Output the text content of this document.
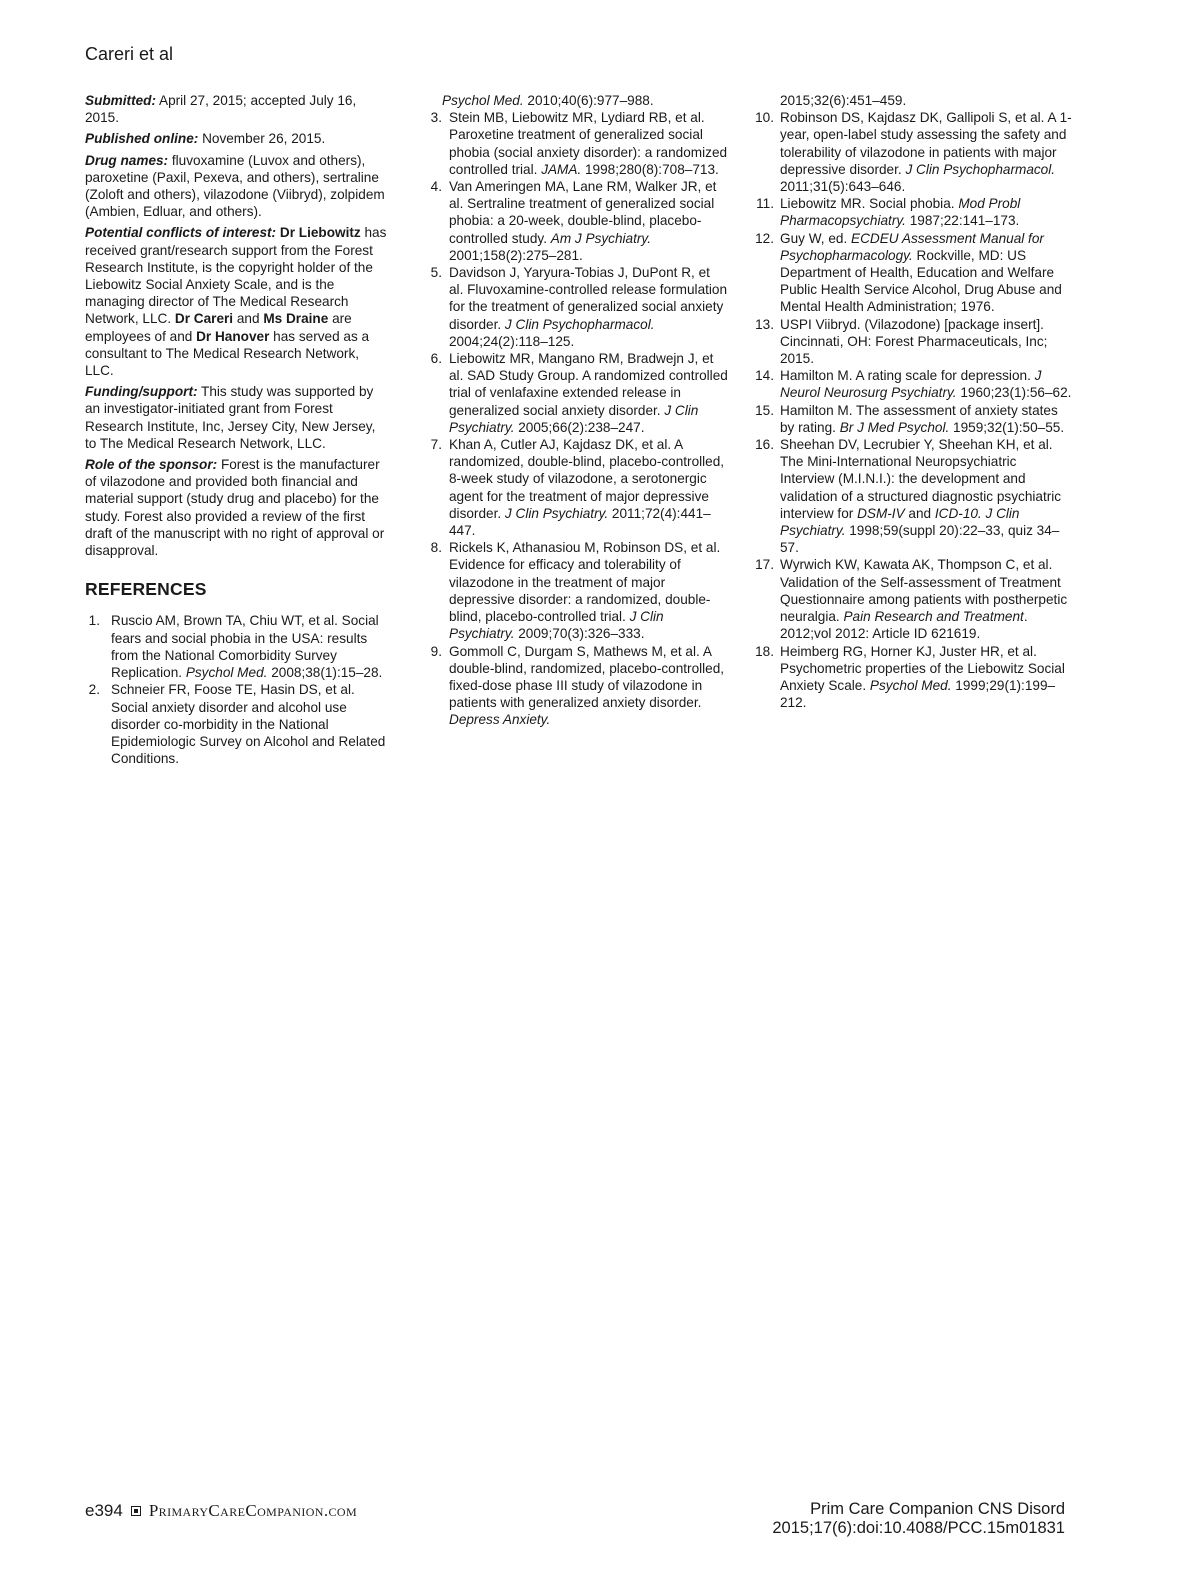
Careri et al

Submitted: April 27, 2015; accepted July 16, 2015.

Published online: November 26, 2015.

Drug names: fluvoxamine (Luvox and others), paroxetine (Paxil, Pexeva, and others), sertraline (Zoloft and others), vilazodone (Viibryd), zolpidem (Ambien, Edluar, and others).

Potential conflicts of interest: Dr Liebowitz has received grant/research support from the Forest Research Institute, is the copyright holder of the Liebowitz Social Anxiety Scale, and is the managing director of The Medical Research Network, LLC. Dr Careri and Ms Draine are employees of and Dr Hanover has served as a consultant to The Medical Research Network, LLC.

Funding/support: This study was supported by an investigator-initiated grant from Forest Research Institute, Inc, Jersey City, New Jersey, to The Medical Research Network, LLC.

Role of the sponsor: Forest is the manufacturer of vilazodone and provided both financial and material support (study drug and placebo) for the study. Forest also provided a review of the first draft of the manuscript with no right of approval or disapproval.

REFERENCES
1. Ruscio AM, Brown TA, Chiu WT, et al. Social fears and social phobia in the USA: results from the National Comorbidity Survey Replication. Psychol Med. 2008;38(1):15–28.
2. Schneier FR, Foose TE, Hasin DS, et al. Social anxiety disorder and alcohol use disorder co-morbidity in the National Epidemiologic Survey on Alcohol and Related Conditions.
Psychol Med. 2010;40(6):977–988.
3. Stein MB, Liebowitz MR, Lydiard RB, et al. Paroxetine treatment of generalized social phobia (social anxiety disorder): a randomized controlled trial. JAMA. 1998;280(8):708–713.
4. Van Ameringen MA, Lane RM, Walker JR, et al. Sertraline treatment of generalized social phobia: a 20-week, double-blind, placebo-controlled study. Am J Psychiatry. 2001;158(2):275–281.
5. Davidson J, Yaryura-Tobias J, DuPont R, et al. Fluvoxamine-controlled release formulation for the treatment of generalized social anxiety disorder. J Clin Psychopharmacol. 2004;24(2):118–125.
6. Liebowitz MR, Mangano RM, Bradwejn J, et al. SAD Study Group. A randomized controlled trial of venlafaxine extended release in generalized social anxiety disorder. J Clin Psychiatry. 2005;66(2):238–247.
7. Khan A, Cutler AJ, Kajdasz DK, et al. A randomized, double-blind, placebo-controlled, 8-week study of vilazodone, a serotonergic agent for the treatment of major depressive disorder. J Clin Psychiatry. 2011;72(4):441–447.
8. Rickels K, Athanasiou M, Robinson DS, et al. Evidence for efficacy and tolerability of vilazodone in the treatment of major depressive disorder: a randomized, double-blind, placebo-controlled trial. J Clin Psychiatry. 2009;70(3):326–333.
9. Gommoll C, Durgam S, Mathews M, et al. A double-blind, randomized, placebo-controlled, fixed-dose phase III study of vilazodone in patients with generalized anxiety disorder. Depress Anxiety.
2015;32(6):451–459.
10. Robinson DS, Kajdasz DK, Gallipoli S, et al. A 1-year, open-label study assessing the safety and tolerability of vilazodone in patients with major depressive disorder. J Clin Psychopharmacol. 2011;31(5):643–646.
11. Liebowitz MR. Social phobia. Mod Probl Pharmacopsychiatry. 1987;22:141–173.
12. Guy W, ed. ECDEU Assessment Manual for Psychopharmacology. Rockville, MD: US Department of Health, Education and Welfare Public Health Service Alcohol, Drug Abuse and Mental Health Administration; 1976.
13. USPI Viibryd. (Vilazodone) [package insert]. Cincinnati, OH: Forest Pharmaceuticals, Inc; 2015.
14. Hamilton M. A rating scale for depression. J Neurol Neurosurg Psychiatry. 1960;23(1):56–62.
15. Hamilton M. The assessment of anxiety states by rating. Br J Med Psychol. 1959;32(1):50–55.
16. Sheehan DV, Lecrubier Y, Sheehan KH, et al. The Mini-International Neuropsychiatric Interview (M.I.N.I.): the development and validation of a structured diagnostic psychiatric interview for DSM-IV and ICD-10. J Clin Psychiatry. 1998;59(suppl 20):22–33, quiz 34–57.
17. Wyrwich KW, Kawata AK, Thompson C, et al. Validation of the Self-assessment of Treatment Questionnaire among patients with postherpetic neuralgia. Pain Research and Treatment. 2012;vol 2012: Article ID 621619.
18. Heimberg RG, Horner KJ, Juster HR, et al. Psychometric properties of the Liebowitz Social Anxiety Scale. Psychol Med. 1999;29(1):199–212.
e394 PrimaryCareCompanion.com	Prim Care Companion CNS Disord
2015;17(6):doi:10.4088/PCC.15m01831
